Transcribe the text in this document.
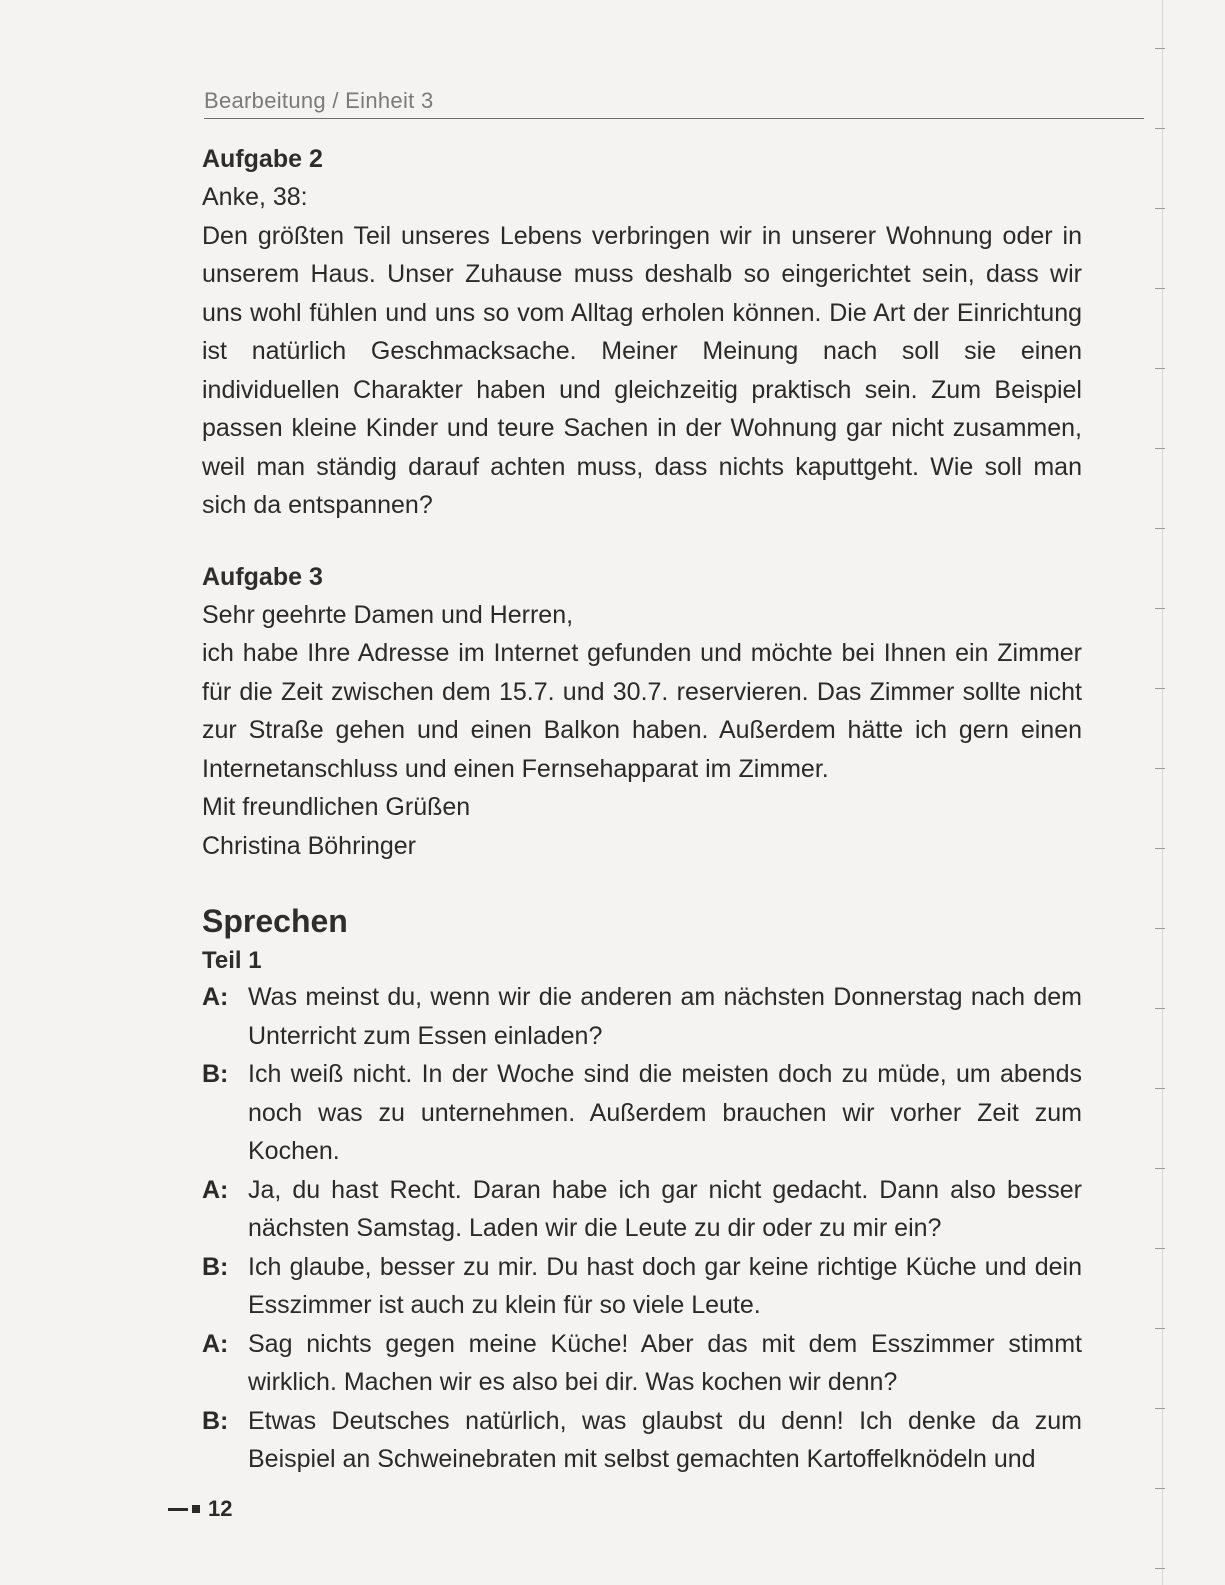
Bearbeitung / Einheit 3

Aufgabe 2

Anke, 38:

Den größten Teil unseres Lebens verbringen wir in unserer Wohnung oder in unserem Haus. Unser Zuhause muss deshalb so eingerichtet sein, dass wir uns wohl fühlen und uns so vom Alltag erholen können. Die Art der Einrichtung ist natürlich Geschmacksache. Meiner Meinung nach soll sie einen individuellen Charakter haben und gleichzeitig praktisch sein. Zum Beispiel passen kleine Kinder und teure Sachen in der Wohnung gar nicht zusammen, weil man ständig darauf achten muss, dass nichts kaputtgeht. Wie soll man sich da entspannen?

Aufgabe 3

Sehr geehrte Damen und Herren,

ich habe Ihre Adresse im Internet gefunden und möchte bei Ihnen ein Zimmer für die Zeit zwischen dem 15.7. und 30.7. reservieren. Das Zimmer sollte nicht zur Straße gehen und einen Balkon haben. Außerdem hätte ich gern einen Internetanschluss und einen Fernsehapparat im Zimmer.

Mit freundlichen Grüßen

Christina Böhringer

Sprechen

Teil 1

A: Was meinst du, wenn wir die anderen am nächsten Donnerstag nach dem Unterricht zum Essen einladen?
B: Ich weiß nicht. In der Woche sind die meisten doch zu müde, um abends noch was zu unternehmen. Außerdem brauchen wir vorher Zeit zum Kochen.
A: Ja, du hast Recht. Daran habe ich gar nicht gedacht. Dann also besser nächsten Samstag. Laden wir die Leute zu dir oder zu mir ein?
B: Ich glaube, besser zu mir. Du hast doch gar keine richtige Küche und dein Esszimmer ist auch zu klein für so viele Leute.
A: Sag nichts gegen meine Küche! Aber das mit dem Esszimmer stimmt wirklich. Machen wir es also bei dir. Was kochen wir denn?
B: Etwas Deutsches natürlich, was glaubst du denn! Ich denke da zum Beispiel an Schweinebraten mit selbst gemachten Kartoffelknödeln und
12
